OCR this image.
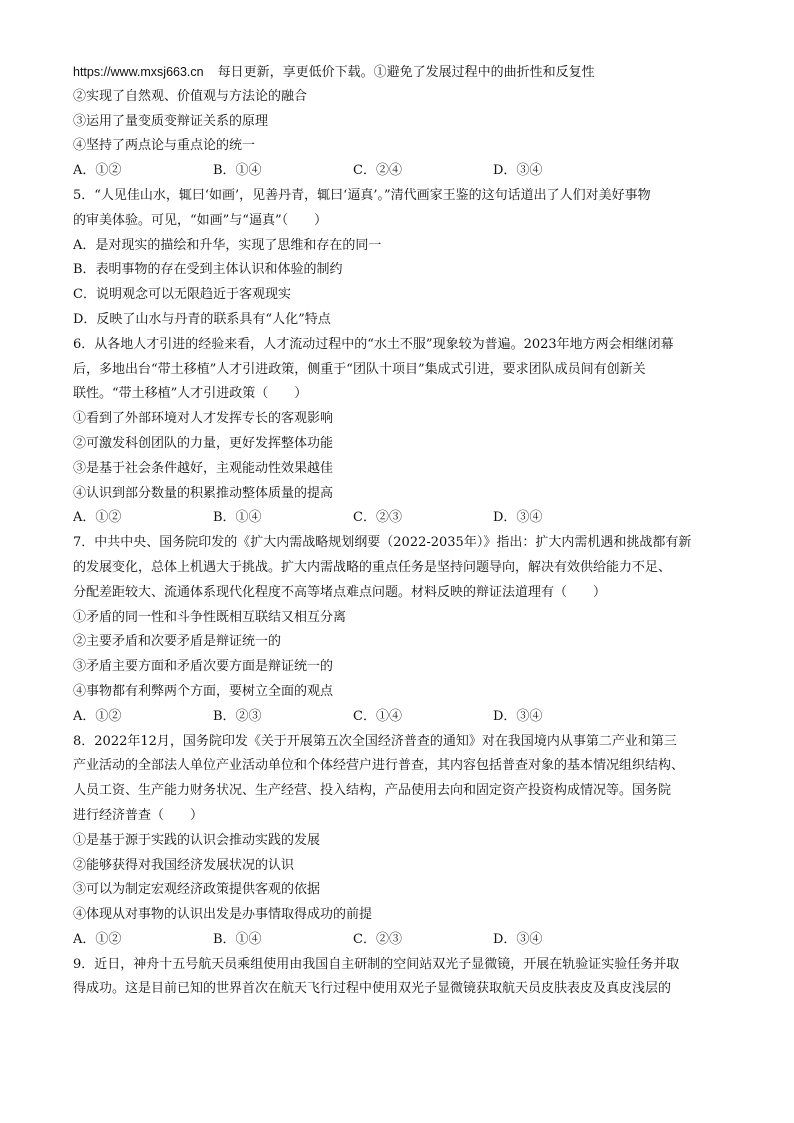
https://www.mxsj663.cn 每日更新，享更低价下载。①避免了发展过程中的曲折性和反复性
②实现了自然观、价值观与方法论的融合
③运用了量变质变辩证关系的原理
④坚持了两点论与重点论的统一
A．①②	B．①④	C．②④	D．③④
5．“人见佳山水，辄曰‘如画’，见善丹青，辄曰‘逼真’。”清代画家王鉴的这句话道出了人们对美好事物
的审美体验。可见，“如画”与“逼真”（　　）
A．是对现实的描绘和升华，实现了思维和存在的同一
B．表明事物的存在受到主体认识和体验的制约
C．说明观念可以无限趋近于客观现实
D．反映了山水与丹青的联系具有“人化”特点
6．从各地人才引进的经验来看，人才流动过程中的“水土不服”现象较为普遍。2023年地方两会相继闭幕
后，多地出台“带土移植”人才引进政策，侧重于“团队十项目”集成式引进，要求团队成员间有创新关
联性。“带土移植”人才引进政策（　　）
①看到了外部环境对人才发挥专长的客观影响
②可激发科创团队的力量，更好发挥整体功能
③是基于社会条件越好，主观能动性效果越佳
④认识到部分数量的积累推动整体质量的提高
A．①②	B．①④	C．②③	D．③④
7．中共中央、国务院印发的《扩大内需战略规划纲要（2022-2035年）》指出：扩大内需机遇和挑战都有新
的发展变化，总体上机遇大于挑战。扩大内需战略的重点任务是坚持问题导向，解决有效供给能力不足、
分配差距较大、流通体系现代化程度不高等堵点难点问题。材料反映的辩证法道理有（　　）
①矛盾的同一性和斗争性既相互联结又相互分离
②主要矛盾和次要矛盾是辩证统一的
③矛盾主要方面和矛盾次要方面是辩证统一的
④事物都有利弊两个方面，要树立全面的观点
A．①②	B．②③	C．①④	D．③④
8．2022年12月，国务院印发《关于开展第五次全国经济普查的通知》对在我国境内从事第二产业和第三
产业活动的全部法人单位产业活动单位和个体经营户进行普查，其内容包括普查对象的基本情况组织结构、
人员工资、生产能力财务状况、生产经营、投入结构，产品使用去向和固定资产投资构成情况等。国务院
进行经济普查（　　）
①是基于源于实践的认识会推动实践的发展
②能够获得对我国经济发展状况的认识
③可以为制定宏观经济政策提供客观的依据
④体现从对事物的认识出发是办事情取得成功的前提
A．①②	B．①④	C．②③	D．③④
9．近日，神舟十五号航天员乘组使用由我国自主研制的空间站双光子显微镜，开展在轨验证实验任务并取
得成功。这是目前已知的世界首次在航天飞行过程中使用双光子显微镜获取航天员皮肤表皮及真皮浅层的
